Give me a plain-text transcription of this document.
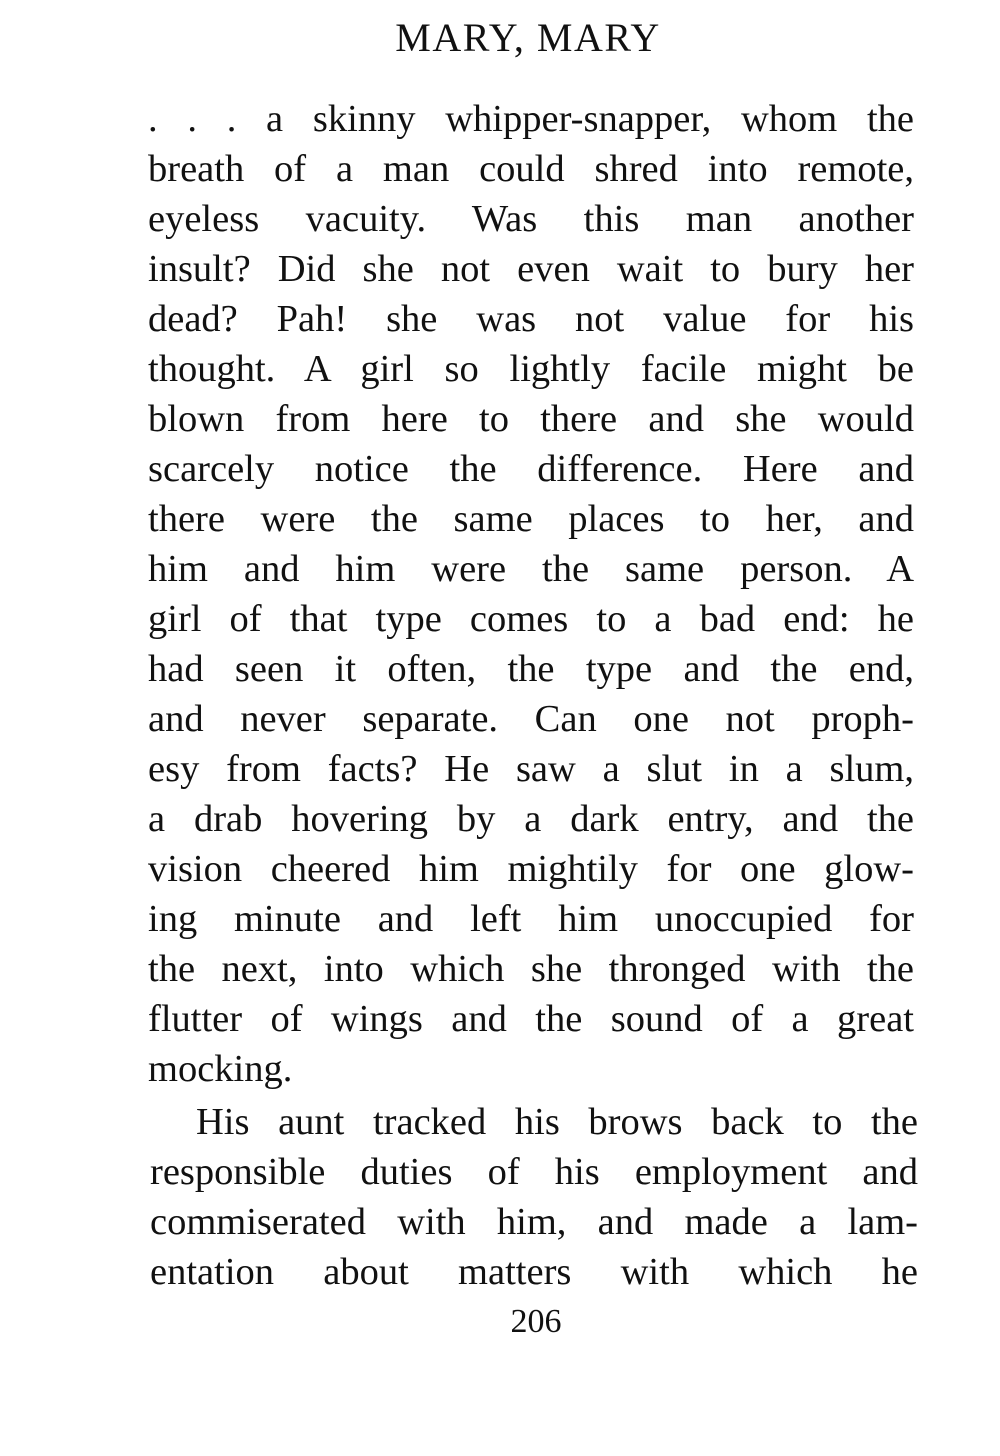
MARY, MARY
. . . a skinny whipper-snapper, whom the
breath of a man could shred into remote,
eyeless vacuity. Was this man another
insult? Did she not even wait to bury her
dead? Pah! she was not value for his
thought. A girl so lightly facile might be
blown from here to there and she would
scarcely notice the difference. Here and
there were the same places to her, and
him and him were the same person. A
girl of that type comes to a bad end: he
had seen it often, the type and the end,
and never separate. Can one not proph-
esy from facts? He saw a slut in a slum,
a drab hovering by a dark entry, and the
vision cheered him mightily for one glow-
ing minute and left him unoccupied for
the next, into which she thronged with the
flutter of wings and the sound of a great
mocking.
His aunt tracked his brows back to the
responsible duties of his employment and
commiserated with him, and made a lam-
entation about matters with which he
206
